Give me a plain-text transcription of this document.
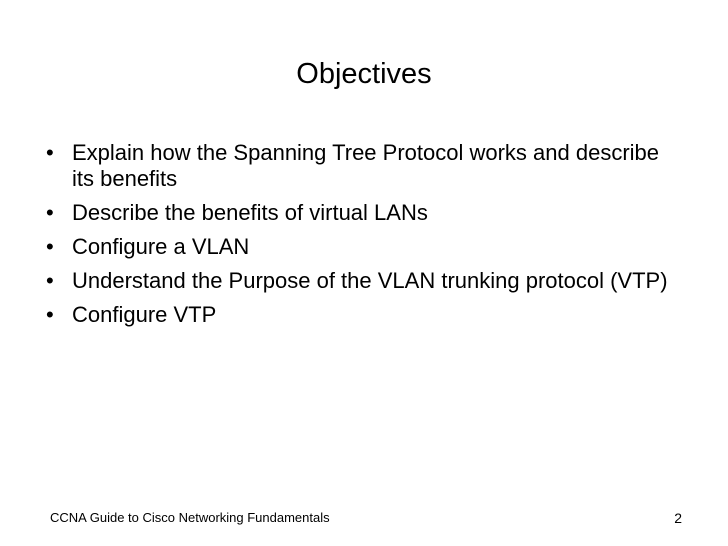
Objectives
• Explain how the Spanning Tree Protocol works and describe its benefits
• Describe the benefits of virtual LANs
• Configure a VLAN
• Understand the Purpose of the VLAN trunking protocol (VTP)
• Configure VTP
CCNA Guide to Cisco Networking Fundamentals	2
